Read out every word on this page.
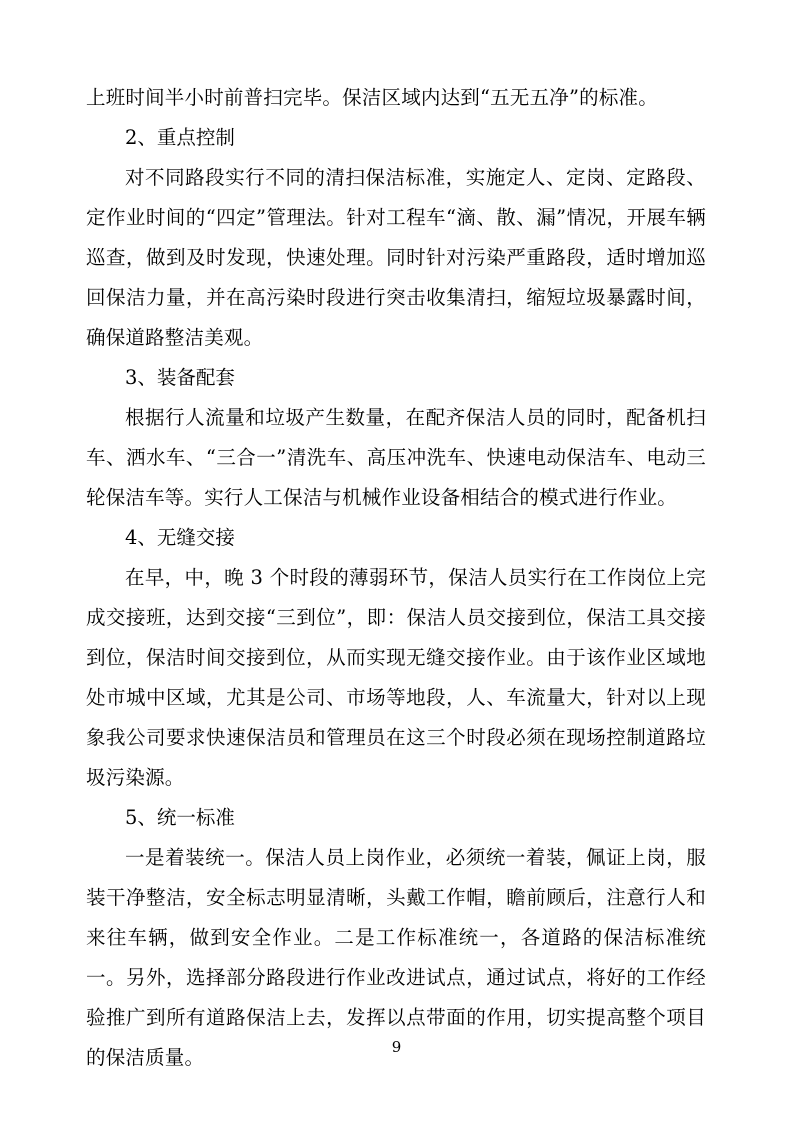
上班时间半小时前普扫完毕。保洁区域内达到“五无五净”的标准。

2、重点控制

对不同路段实行不同的清扫保洁标准，实施定人、定岗、定路段、定作业时间的“四定”管理法。针对工程车“滴、散、漏”情况，开展车辆巡查，做到及时发现，快速处理。同时针对污染严重路段，适时增加巡回保洁力量，并在高污染时段进行突击收集清扫，缩短垃圾暴露时间，确保道路整洁美观。

3、装备配套

根据行人流量和垃圾产生数量，在配齐保洁人员的同时，配备机扫车、洒水车、“三合一”清洗车、高压冲洗车、快速电动保洁车、电动三轮保洁车等。实行人工保洁与机械作业设备相结合的模式进行作业。

4、无缝交接

在早，中，晚 3 个时段的薄弱环节，保洁人员实行在工作岗位上完成交接班，达到交接“三到位”，即：保洁人员交接到位，保洁工具交接到位，保洁时间交接到位，从而实现无缝交接作业。由于该作业区域地处市城中区域，尤其是公司、市场等地段，人、车流量大，针对以上现象我公司要求快速保洁员和管理员在这三个时段必须在现场控制道路垃圾污染源。

5、统一标准

一是着装统一。保洁人员上岗作业，必须统一着装，佩证上岗，服装干净整洁，安全标志明显清晰，头戴工作帽，瞻前顾后，注意行人和来往车辆，做到安全作业。二是工作标准统一，各道路的保洁标准统一。另外，选择部分路段进行作业改进试点，通过试点，将好的工作经验推广到所有道路保洁上去，发挥以点带面的作用，切实提高整个项目的保洁质量。	9
